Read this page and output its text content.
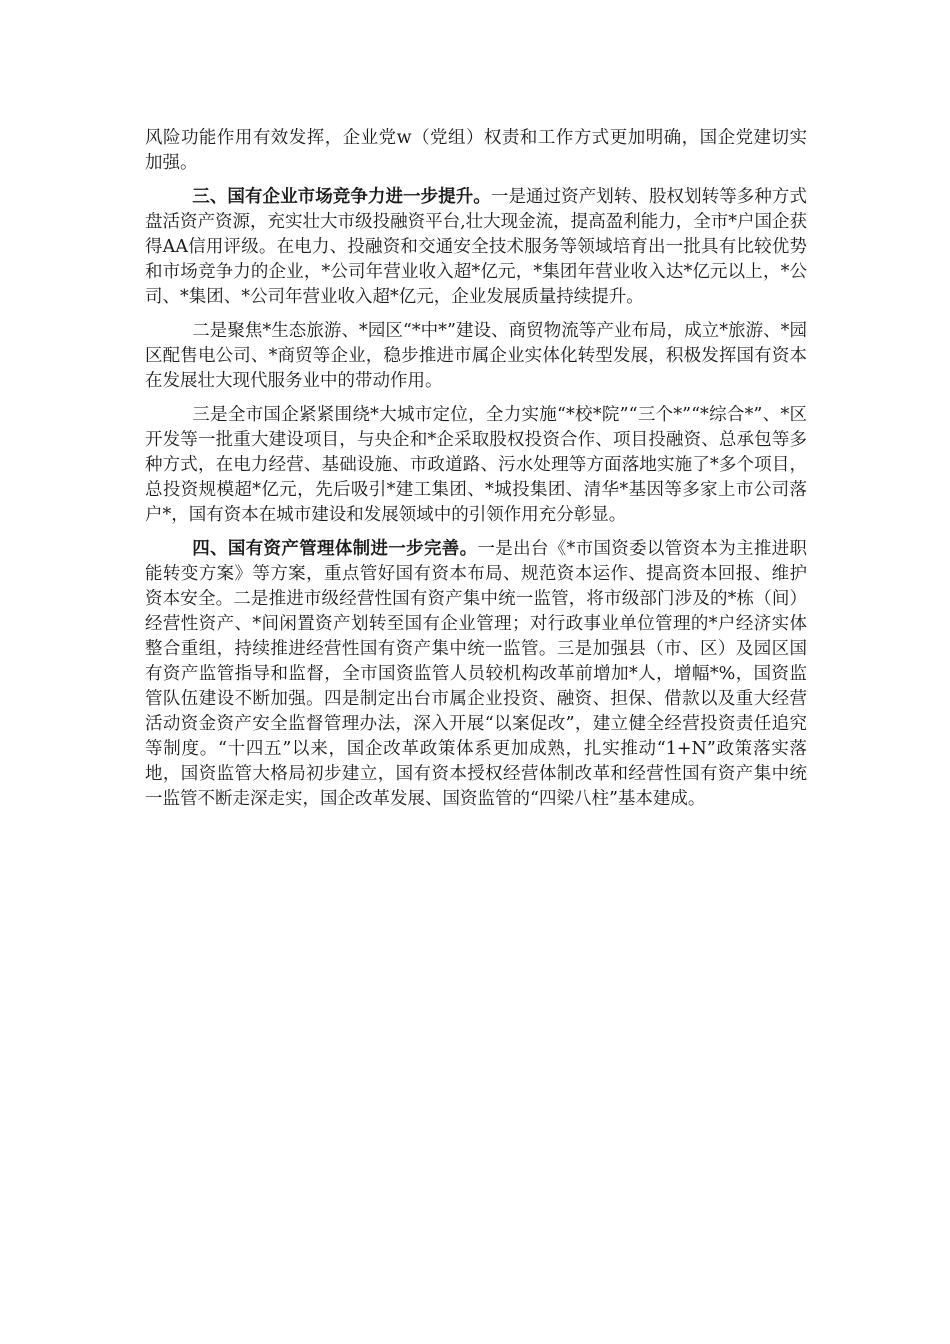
风险功能作用有效发挥，企业党w（党组）权责和工作方式更加明确，国企党建切实加强。

三、国有企业市场竞争力进一步提升。一是通过资产划转、股权划转等多种方式盘活资产资源，充实壮大市级投融资平台,壮大现金流，提高盈利能力，全市*户国企获得AA信用评级。在电力、投融资和交通安全技术服务等领域培育出一批具有比较优势和市场竞争力的企业，*公司年营业收入超*亿元，*集团年营业收入达*亿元以上，*公司、*集团、*公司年营业收入超*亿元，企业发展质量持续提升。

二是聚焦*生态旅游、*园区“*中*”建设、商贸物流等产业布局，成立*旅游、*园区配售电公司、*商贸等企业，稳步推进市属企业实体化转型发展，积极发挥国有资本在发展壮大现代服务业中的带动作用。

三是全市国企紧紧围绕*大城市定位，全力实施“*校*院”“三个*”“*综合*”、*区开发等一批重大建设项目，与央企和*企采取股权投资合作、项目投融资、总承包等多种方式，在电力经营、基础设施、市政道路、污水处理等方面落地实施了*多个项目，总投资规模超*亿元，先后吸引*建工集团、*城投集团、清华*基因等多家上市公司落户*，国有资本在城市建设和发展领域中的引领作用充分彰显。

四、国有资产管理体制进一步完善。一是出台《*市国资委以管资本为主推进职能转变方案》等方案，重点管好国有资本布局、规范资本运作、提高资本回报、维护资本安全。二是推进市级经营性国有资产集中统一监管，将市级部门涉及的*栋（间）经营性资产、*间闲置资产划转至国有企业管理；对行政事业单位管理的*户经济实体整合重组，持续推进经营性国有资产集中统一监管。三是加强县（市、区）及园区国有资产监管指导和监督，全市国资监管人员较机构改革前增加*人，增幅*%，国资监管队伍建设不断加强。四是制定出台市属企业投资、融资、担保、借款以及重大经营活动资金资产安全监督管理办法，深入开展“以案促改”，建立健全经营投资责任追究等制度。“十四五”以来，国企改革政策体系更加成熟，扎实推动“1+N”政策落实落地，国资监管大格局初步建立，国有资本授权经营体制改革和经营性国有资产集中统一监管不断走深走实，国企改革发展、国资监管的“四梁八柱”基本建成。
